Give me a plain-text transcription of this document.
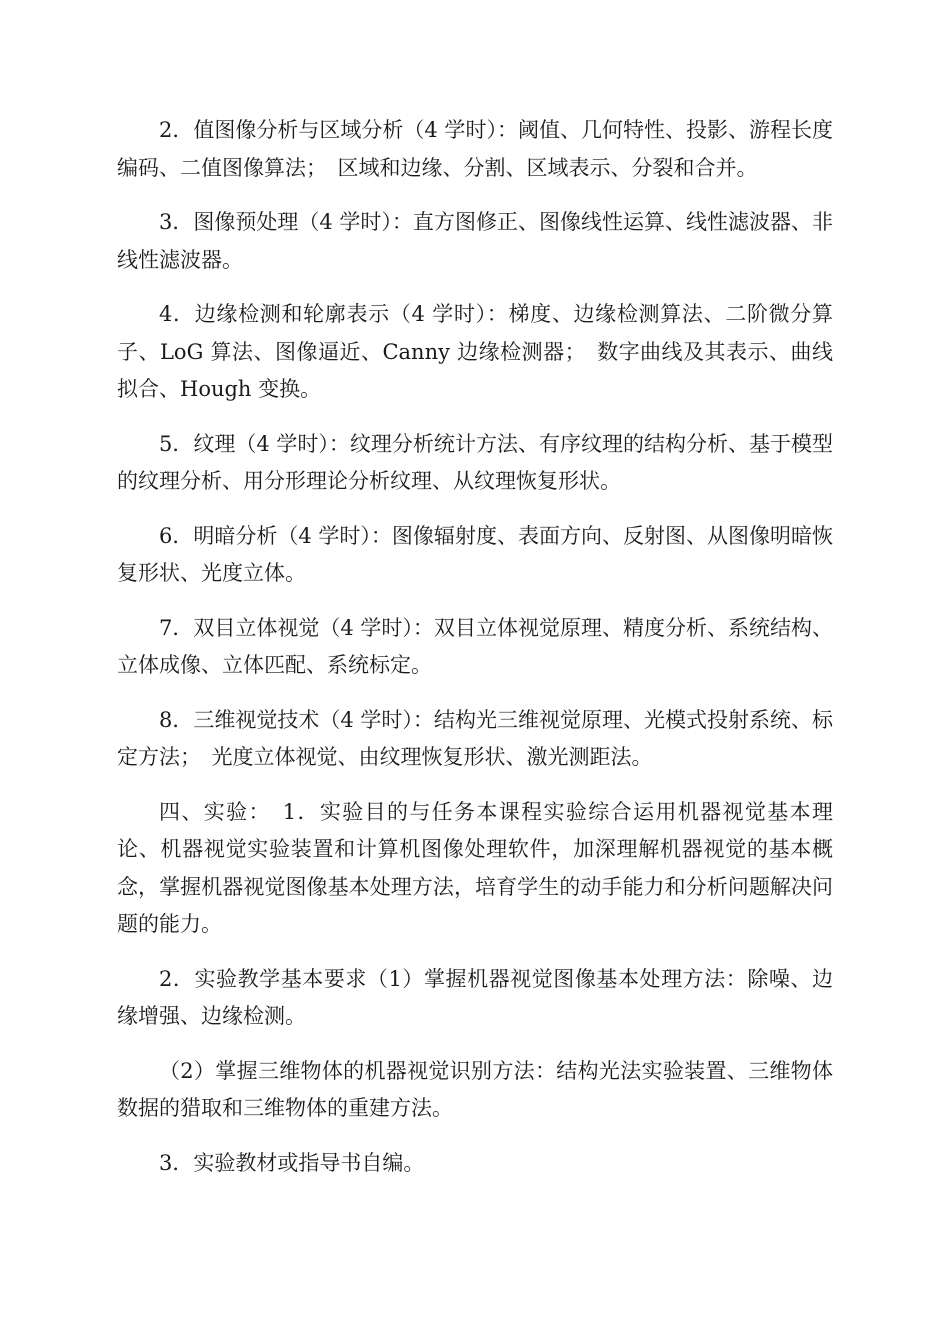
2．值图像分析与区域分析（4 学时）：阈值、几何特性、投影、游程长度编码、二值图像算法；　区域和边缘、分割、区域表示、分裂和合并。

3．图像预处理（4 学时）：直方图修正、图像线性运算、线性滤波器、非线性滤波器。

4．边缘检测和轮廓表示（4 学时）：梯度、边缘检测算法、二阶微分算子、LoG 算法、图像逼近、Canny 边缘检测器；　数字曲线及其表示、曲线拟合、Hough 变换。

5．纹理（4 学时）：纹理分析统计方法、有序纹理的结构分析、基于模型的纹理分析、用分形理论分析纹理、从纹理恢复形状。

6．明暗分析（4 学时）：图像辐射度、表面方向、反射图、从图像明暗恢复形状、光度立体。

7．双目立体视觉（4 学时）：双目立体视觉原理、精度分析、系统结构、立体成像、立体匹配、系统标定。

8．三维视觉技术（4 学时）：结构光三维视觉原理、光模式投射系统、标定方法；　光度立体视觉、由纹理恢复形状、激光测距法。

四、实验：　1．实验目的与任务本课程实验综合运用机器视觉基本理论、机器视觉实验装置和计算机图像处理软件，加深理解机器视觉的基本概念，掌握机器视觉图像基本处理方法，培育学生的动手能力和分析问题解决问题的能力。

2．实验教学基本要求（1）掌握机器视觉图像基本处理方法：除噪、边缘增强、边缘检测。

（2）掌握三维物体的机器视觉识别方法：结构光法实验装置、三维物体数据的猎取和三维物体的重建方法。

3．实验教材或指导书自编。
